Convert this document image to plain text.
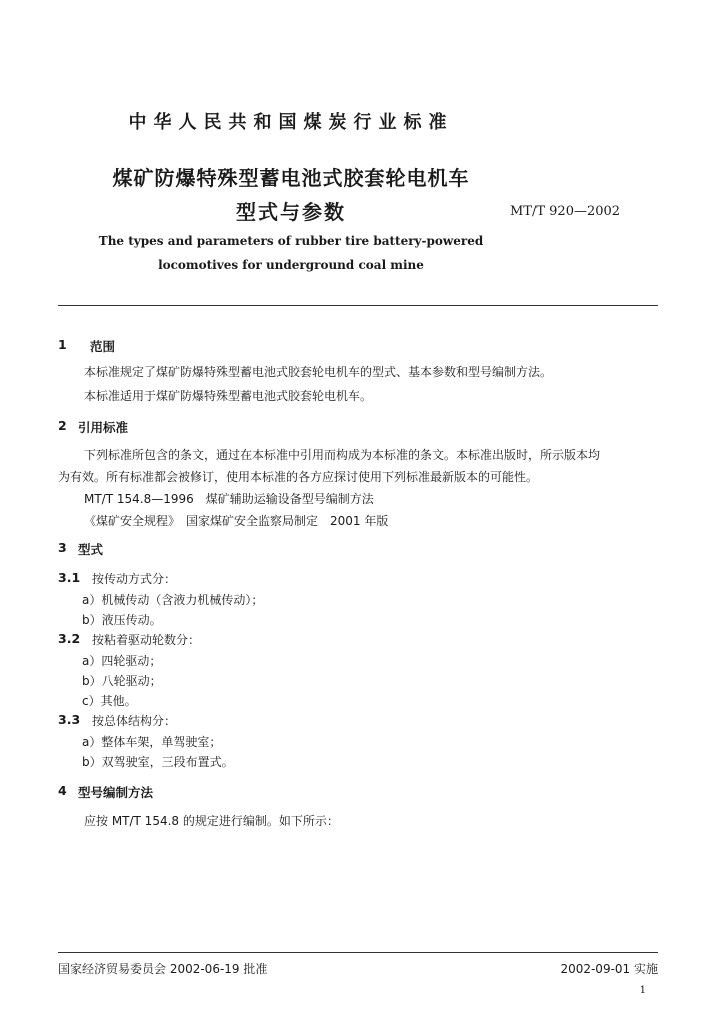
中华人民共和国煤炭行业标准
煤矿防爆特殊型蓄电池式胶套轮电机车
型式与参数	MT/T 920—2002
The types and parameters of rubber tire battery-powered
locomotives for underground coal mine
1 范围
本标准规定了煤矿防爆特殊型蓄电池式胶套轮电机车的型式、基本参数和型号编制方法。
本标准适用于煤矿防爆特殊型蓄电池式胶套轮电机车。
2 引用标准
下列标准所包含的条文，通过在本标准中引用而构成为本标准的条文。本标准出版时，所示版本均
为有效。所有标准都会被修订，使用本标准的各方应探讨使用下列标准最新版本的可能性。
MT/T 154.8—1996　煤矿辅助运输设备型号编制方法
《煤矿安全规程》　国家煤矿安全监察局制定　2001 年版
3 型式
3.1 按传动方式分：
a）机械传动（含液力机械传动）；
b）液压传动。
3.2 按粘着驱动轮数分：
a）四轮驱动；
b）八轮驱动；
c）其他。
3.3 按总体结构分：
a）整体车架，单驾驶室；
b）双驾驶室，三段布置式。
4 型号编制方法
应按 MT/T 154.8 的规定进行编制。如下所示：
国家经济贸易委员会 2002-06-19 批准	2002-09-01 实施
1
